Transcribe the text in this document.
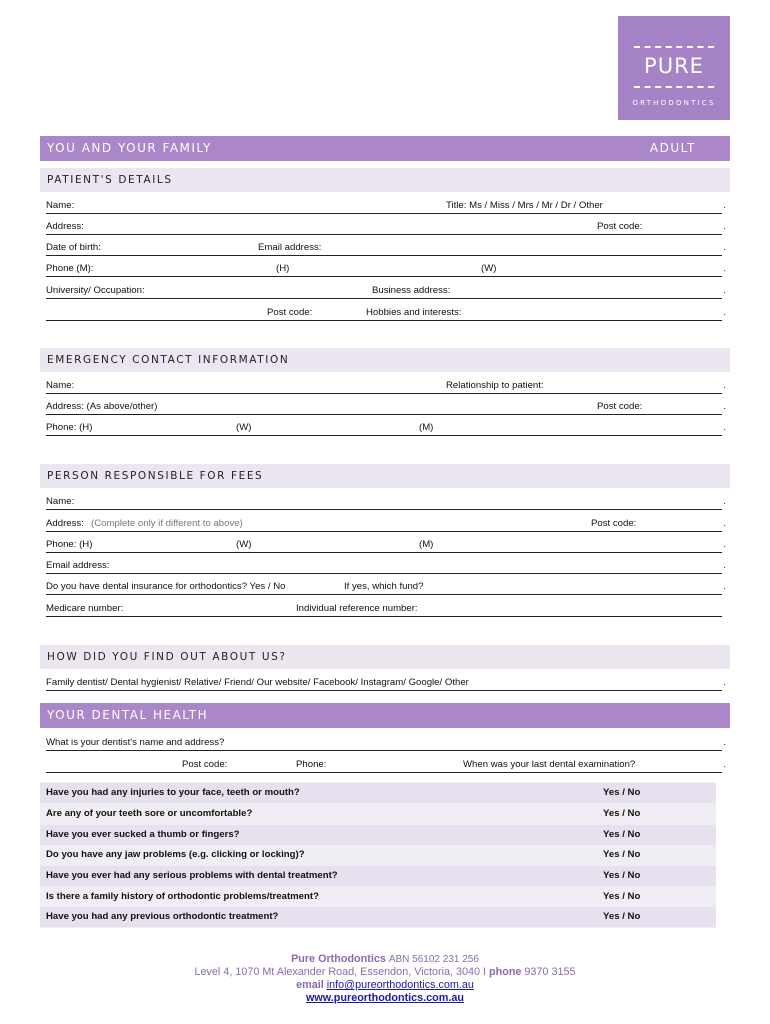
PURE
ORTHODONTICS
YOU AND YOUR FAMILY	ADULT
PATIENT'S DETAILS
Name:	Title: Ms / Miss / Mrs / Mr / Dr / Other	.
Address:	Post code:	.
Date of birth:	Email address:	.
Phone (M):	(H)	(W)	.
University/ Occupation:	Business address:	.
Post code:	Hobbies and interests:	.
EMERGENCY CONTACT INFORMATION
Name:	Relationship to patient:	.
Address: (As above/other)	Post code:	.
Phone: (H)	(W)	(M)	.
PERSON RESPONSIBLE FOR FEES
Name:	.
Address: (Complete only if different to above)	Post code:	.
Phone: (H)	(W)	(M)	.
Email address:	.
Do you have dental insurance for orthodontics? Yes / No	If yes, which fund?	.
Medicare number:	Individual reference number:
HOW DID YOU FIND OUT ABOUT US?
Family dentist/ Dental hygienist/ Relative/ Friend/ Our website/ Facebook/ Instagram/ Google/ Other	.
YOUR DENTAL HEALTH
What is your dentist's name and address?	.
Post code:	Phone:	When was your last dental examination?	.
Have you had any injuries to your face, teeth or mouth?	Yes / No
Are any of your teeth sore or uncomfortable?	Yes / No
Have you ever sucked a thumb or fingers?	Yes / No
Do you have any jaw problems (e.g. clicking or locking)?	Yes / No
Have you ever had any serious problems with dental treatment?	Yes / No
Is there a family history of orthodontic problems/treatment?	Yes / No
Have you had any previous orthodontic treatment?	Yes / No
Pure Orthodontics ABN 56102 231 256
Level 4, 1070 Mt Alexander Road, Essendon, Victoria, 3040 I phone 9370 3155
email info@pureorthodontics.com.au
www.pureorthodontics.com.au
